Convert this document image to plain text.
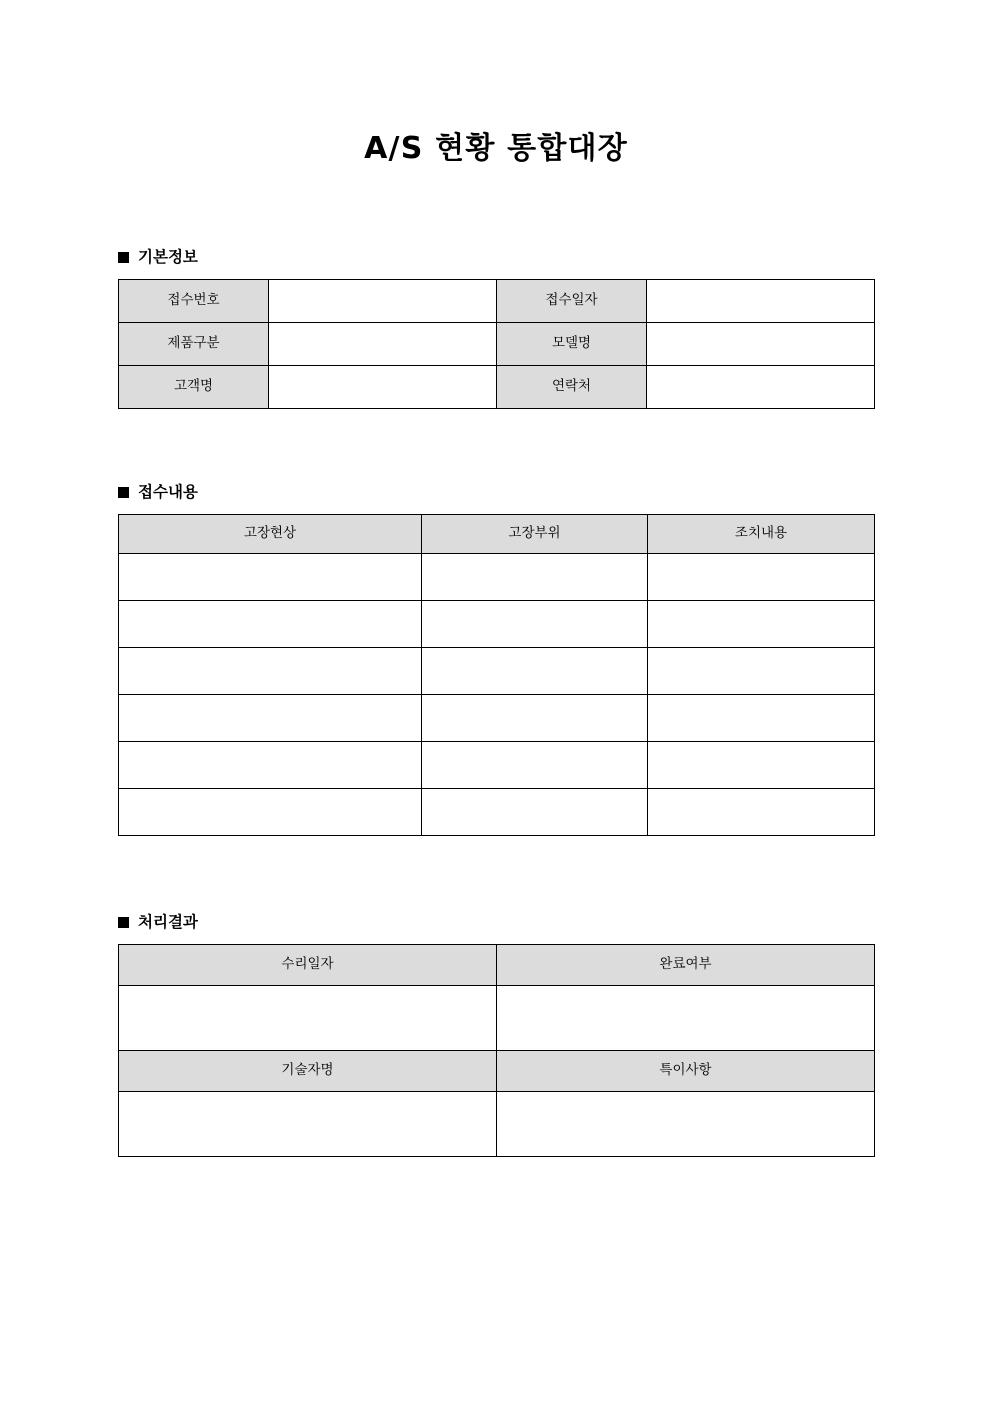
A/S 현황 통합대장
기본정보
접수번호		접수일자	
제품구분		모델명	
고객명		연락처	
접수내용
고장현상	고장부위	조치내용

처리결과
수리일자	완료여부

기술자명	특이사항
